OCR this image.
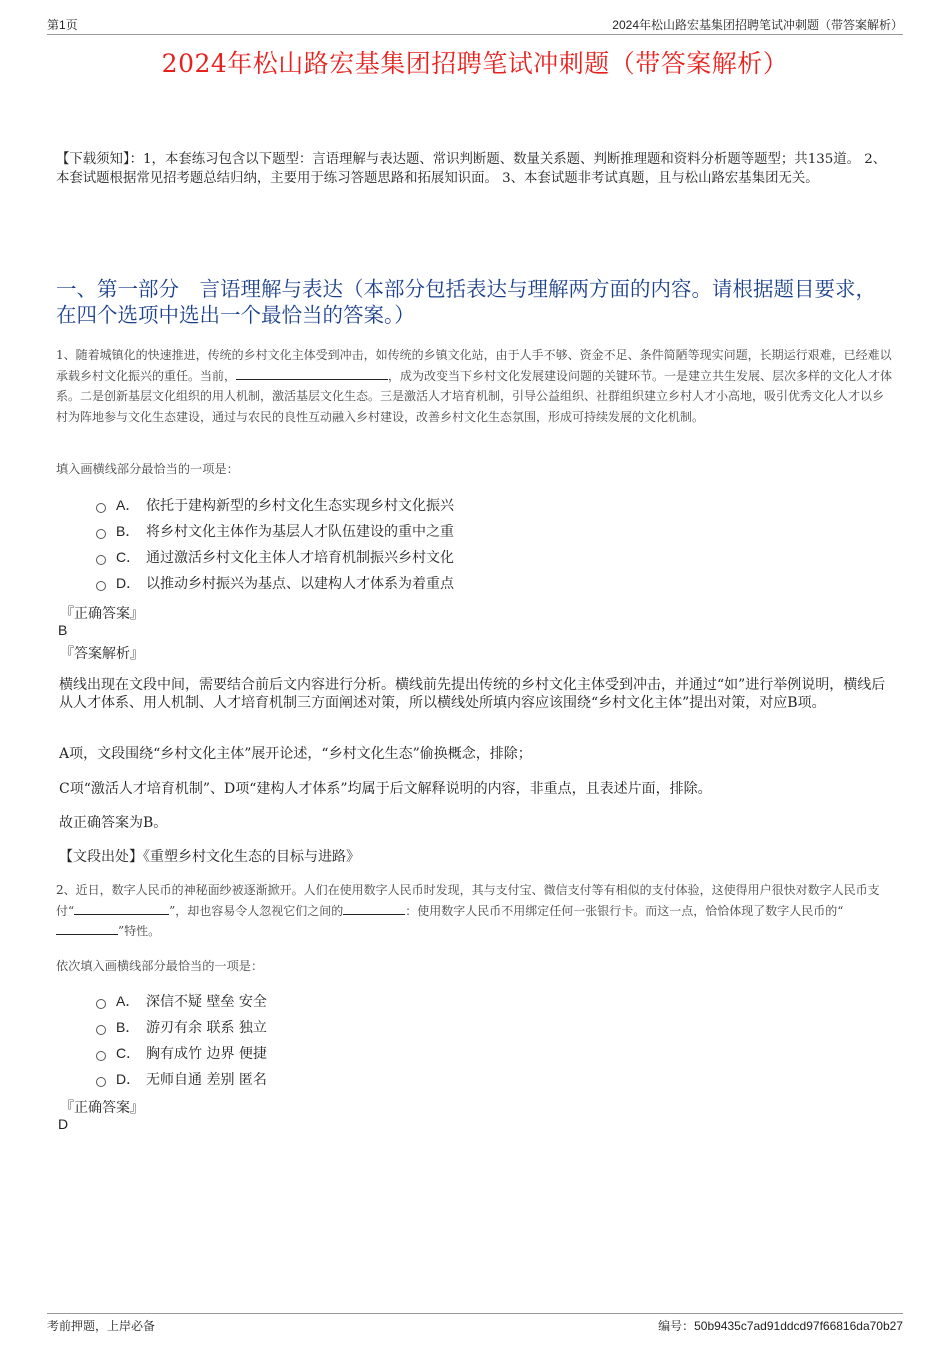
第1页	2024年松山路宏基集团招聘笔试冲刺题（带答案解析）
2024年松山路宏基集团招聘笔试冲刺题（带答案解析）
【下载须知】：1，本套练习包含以下题型：言语理解与表达题、常识判断题、数量关系题、判断推理题和资料分析题等题型；共135道。 2、本套试题根据常见招考题总结归纳，主要用于练习答题思路和拓展知识面。 3、本套试题非考试真题，且与松山路宏基集团无关。
一、第一部分　言语理解与表达（本部分包括表达与理解两方面的内容。请根据题目要求，在四个选项中选出一个最恰当的答案。）
1、随着城镇化的快速推进，传统的乡村文化主体受到冲击，如传统的乡镇文化站，由于人手不够、资金不足、条件简陋等现实问题，长期运行艰难，已经难以承载乡村文化振兴的重任。当前，	，成为改变当下乡村文化发展建设问题的关键环节。一是建立共生发展、层次多样的文化人才体系。二是创新基层文化组织的用人机制，激活基层文化生态。三是激活人才培育机制，引导公益组织、社群组织建立乡村人才小高地，吸引优秀文化人才以乡村为阵地参与文化生态建设，通过与农民的良性互动融入乡村建设，改善乡村文化生态氛围，形成可持续发展的文化机制。
填入画横线部分最恰当的一项是：
A． 依托于建构新型的乡村文化生态实现乡村文化振兴
B． 将乡村文化主体作为基层人才队伍建设的重中之重
C． 通过激活乡村文化主体人才培育机制振兴乡村文化
D． 以推动乡村振兴为基点、以建构人才体系为着重点
『正确答案』
B
『答案解析』
横线出现在文段中间，需要结合前后文内容进行分析。横线前先提出传统的乡村文化主体受到冲击，并通过“如”进行举例说明，横线后从人才体系、用人机制、人才培育机制三方面阐述对策，所以横线处所填内容应该围绕“乡村文化主体”提出对策，对应B项。
A项，文段围绕“乡村文化主体”展开论述，“乡村文化生态”偷换概念，排除；
C项“激活人才培育机制”、D项“建构人才体系”均属于后文解释说明的内容，非重点，且表述片面，排除。
故正确答案为B。
【文段出处】《重塑乡村文化生态的目标与进路》
2、近日，数字人民币的神秘面纱被逐渐掀开。人们在使用数字人民币时发现，其与支付宝、微信支付等有相似的支付体验，这使得用户很快对数字人民币支付“	”，却也容易令人忽视它们之间的	：使用数字人民币不用绑定任何一张银行卡。而这一点，恰恰体现了数字人民币的“”特性。
依次填入画横线部分最恰当的一项是：
A． 深信不疑 壁垒 安全
B． 游刃有余 联系 独立
C． 胸有成竹 边界 便捷
D． 无师自通 差别 匿名
『正确答案』
D
考前押题，上岸必备	编号：50b9435c7ad91ddcd97f66816da70b27
